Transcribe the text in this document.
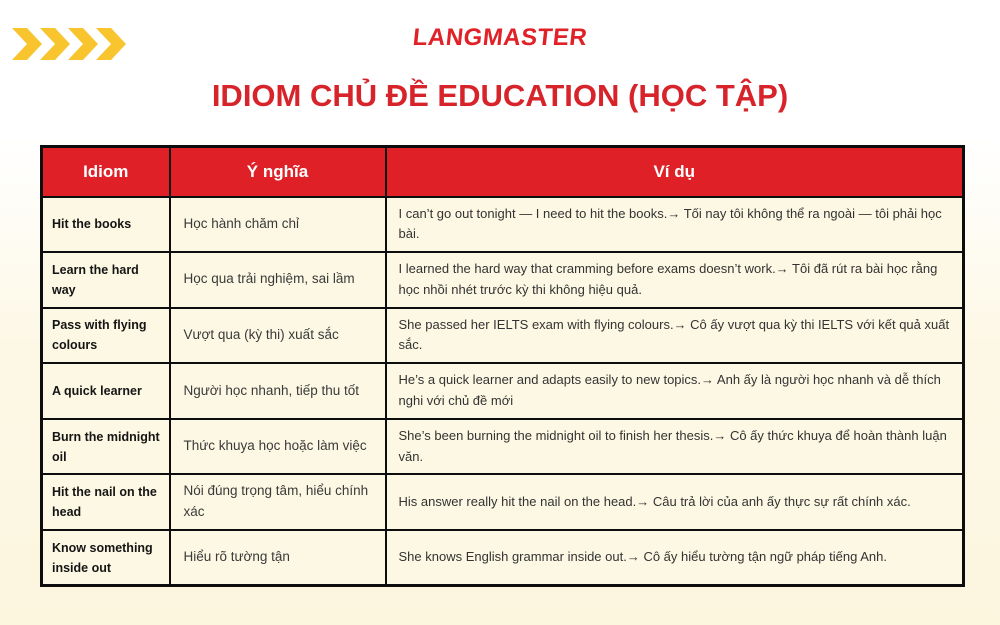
LANGMASTER
IDIOM CHỦ ĐỀ EDUCATION (HỌC TẬP)
Idiom	Ý nghĩa	Ví dụ
Hit the books	Học hành chăm chỉ	I can’t go out tonight — I need to hit the books.→ Tối nay tôi không thể ra ngoài — tôi phải học bài.
Learn the hard way	Học qua trải nghiệm, sai lầm	I learned the hard way that cramming before exams doesn’t work.→ Tôi đã rút ra bài học rằng học nhồi nhét trước kỳ thi không hiệu quả.
Pass with flying colours	Vượt qua (kỳ thi) xuất sắc	She passed her IELTS exam with flying colours.→ Cô ấy vượt qua kỳ thi IELTS với kết quả xuất sắc.
A quick learner	Người học nhanh, tiếp thu tốt	He’s a quick learner and adapts easily to new topics.→ Anh ấy là người học nhanh và dễ thích nghi với chủ đề mới
Burn the midnight oil	Thức khuya học hoặc làm việc	She’s been burning the midnight oil to finish her thesis.→ Cô ấy thức khuya để hoàn thành luận văn.
Hit the nail on the head	Nói đúng trọng tâm, hiểu chính xác	His answer really hit the nail on the head.→ Câu trả lời của anh ấy thực sự rất chính xác.
Know something inside out	Hiểu rõ tường tận	She knows English grammar inside out.→ Cô ấy hiểu tường tận ngữ pháp tiếng Anh.
